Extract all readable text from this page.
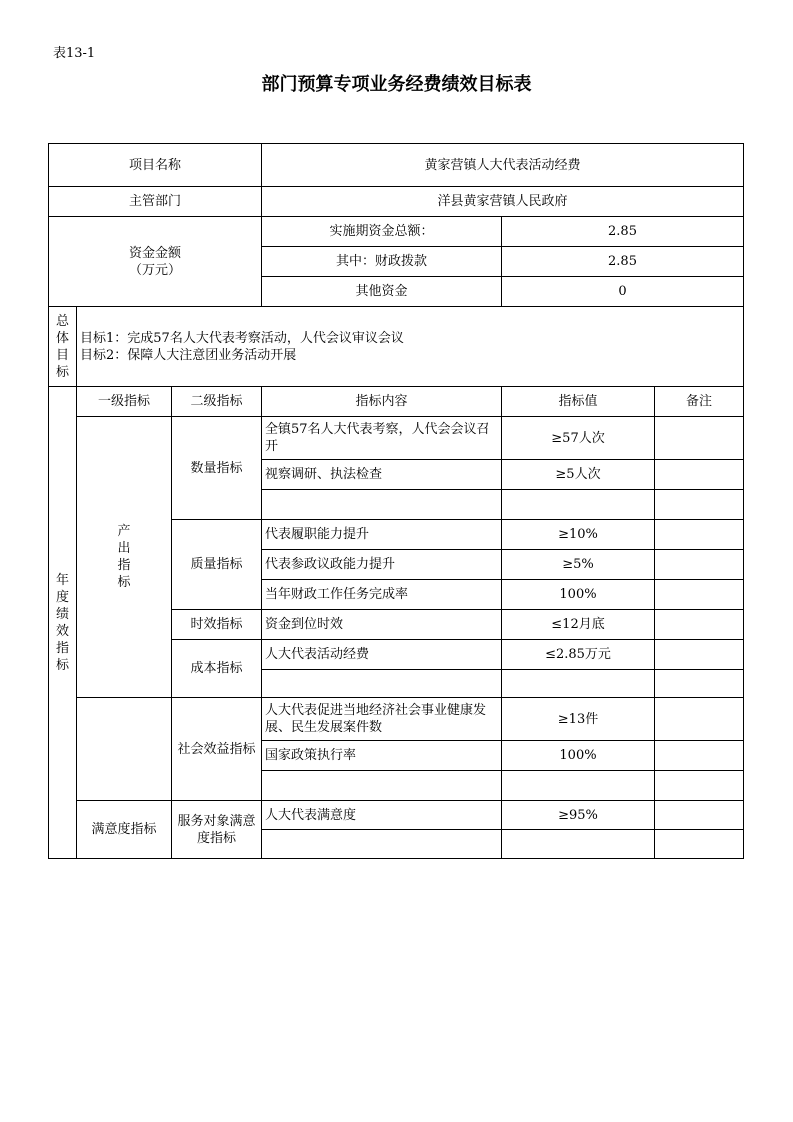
表13-1
部门预算专项业务经费绩效目标表
项目名称			黄家营镇人大代表活动经费		
主管部门			洋县黄家营镇人民政府		
资金金额
（万元）			实施期资金总额：	2.85	
			其中：财政拨款	2.85	
			其他资金	0	
总体目标	目标1：完成57名人大代表考察活动，人代会议审议会议
目标2：保障人大注意团业务活动开展				

年度绩效指标	一级指标	二级指标	指标内容	指标值	备注
	产出指标	数量指标	全镇57名人大代表考察，人代会会议召开	≥57人次	
			视察调研、执法检查	≥5人次	

		质量指标	代表履职能力提升	≥10%	
			代表参政议政能力提升	≥5%	
			当年财政工作任务完成率	100%	
		时效指标	资金到位时效	≤12月底	
		成本指标	人大代表活动经费	≤2.85万元	

		社会效益指标	人大代表促进当地经济社会事业健康发展、民生发展案件数	≥13件	
			国家政策执行率	100%	

	满意度指标	服务对象满意度指标	人大代表满意度	≥95%	
